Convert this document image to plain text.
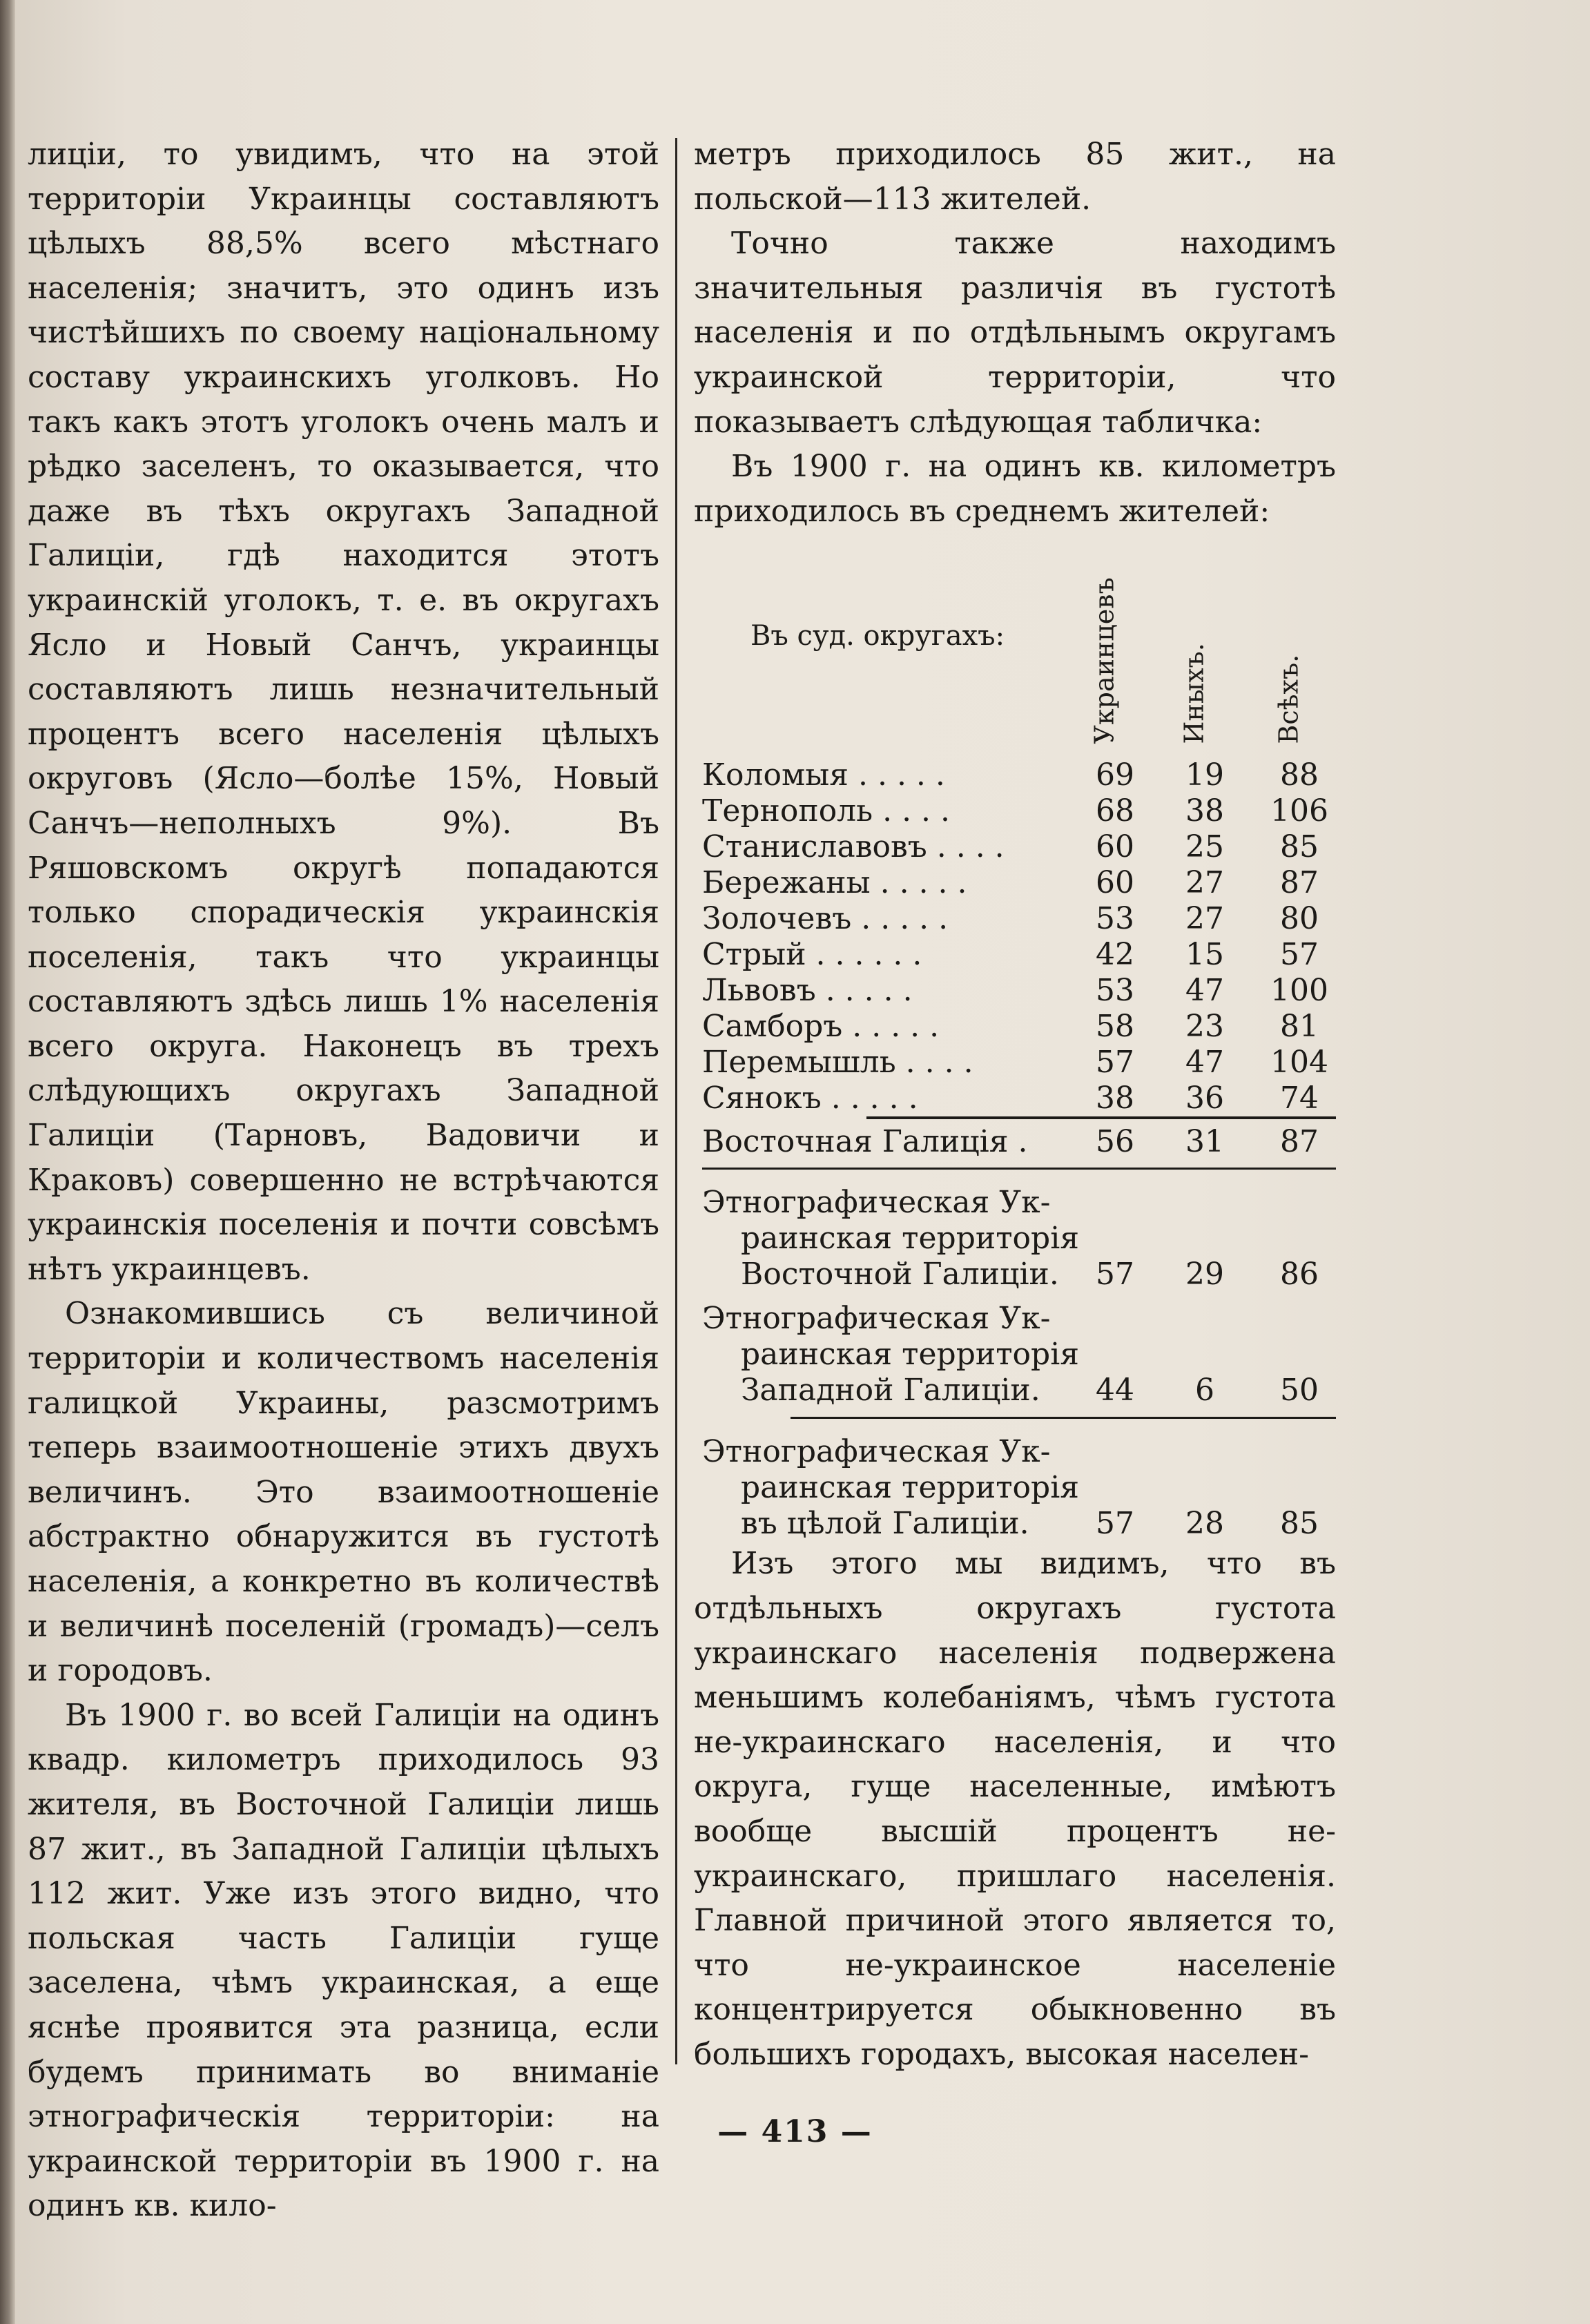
лиціи, то увидимъ, что на этой территоріи Украинцы составляютъ цѣлыхъ 88,5% всего мѣстнаго населенія; значитъ, это одинъ изъ чистѣйшихъ по своему національному составу украинскихъ уголковъ. Но такъ какъ этотъ уголокъ очень малъ и рѣдко заселенъ, то оказывается, что даже въ тѣхъ округахъ Западной Галиціи, гдѣ находится этотъ украинскій уголокъ, т. е. въ округахъ Ясло и Новый Санчъ, украинцы составляютъ лишь незначительный процентъ всего населенія цѣлыхъ округовъ (Ясло—болѣе 15%, Новый Санчъ—неполныхъ 9%). Въ Ряшовскомъ округѣ попадаются только спорадическія украинскія поселенія, такъ что украинцы составляютъ здѣсь лишь 1% населенія всего округа. Наконецъ въ трехъ слѣдующихъ округахъ Западной Галиціи (Тарновъ, Вадовичи и Краковъ) совершенно не встрѣчаются украинскія поселенія и почти совсѣмъ нѣтъ украинцевъ.

Ознакомившись съ величиной территоріи и количествомъ населенія галицкой Украины, разсмотримъ теперь взаимоотношеніе этихъ двухъ величинъ. Это взаимоотношеніе абстрактно обнаружится въ густотѣ населенія, а конкретно въ количествѣ и величинѣ поселеній (громадъ)—селъ и городовъ.

Въ 1900 г. во всей Галиціи на одинъ квадр. километръ приходилось 93 жителя, въ Восточной Галиціи лишь 87 жит., въ Западной Галиціи цѣлыхъ 112 жит. Уже изъ этого видно, что польская часть Галиціи гуще заселена, чѣмъ украинская, а еще яснѣе проявится эта разница, если будемъ принимать во вниманіе этнографическія территоріи: на украинской территоріи въ 1900 г. на одинъ кв. кило-

метръ приходилось 85 жит., на польской—113 жителей.

Точно также находимъ значительныя различія въ густотѣ населенія и по отдѣльнымъ округамъ украинской территоріи, что показываетъ слѣдующая табличка:

Въ 1900 г. на одинъ кв. километръ приходилось въ среднемъ жителей:

Въ суд. округахъ:	Украинцевъ Иныхъ. Всѣхъ.
Коломыя . . . . .	69	19	88
Тернополь . . . .	68	38	106
Станиславовъ . . . .	60	25	85
Бережаны . . . . .	60	27	87
Золочевъ . . . . .	53	27	80
Стрый . . . . . .	42	15	57
Львовъ . . . . .	53	47	100
Самборъ . . . . .	58	23	81
Перемышль . . . .	57	47	104
Сянокъ . . . . .	38	36	74
Восточная Галиція .	56	31	87
Этнографическая Ук-
раинская территорія
Восточной Галиціи.	57	29	86
Этнографическая Ук-
раинская территорія
Западной Галиціи.	44	6	50
Этнографическая Ук-
раинская территорія
въ цѣлой Галиціи.	57	28	85

Изъ этого мы видимъ, что въ отдѣльныхъ округахъ густота украинскаго населенія подвержена меньшимъ колебаніямъ, чѣмъ густота не-украинскаго населенія, и что округа, гуще населенные, имѣютъ вообще высшій процентъ не-украинскаго, пришлаго населенія. Главной причиной этого является то, что не-украинское населеніе концентрируется обыкновенно въ большихъ городахъ, высокая населен-

— 413 —
